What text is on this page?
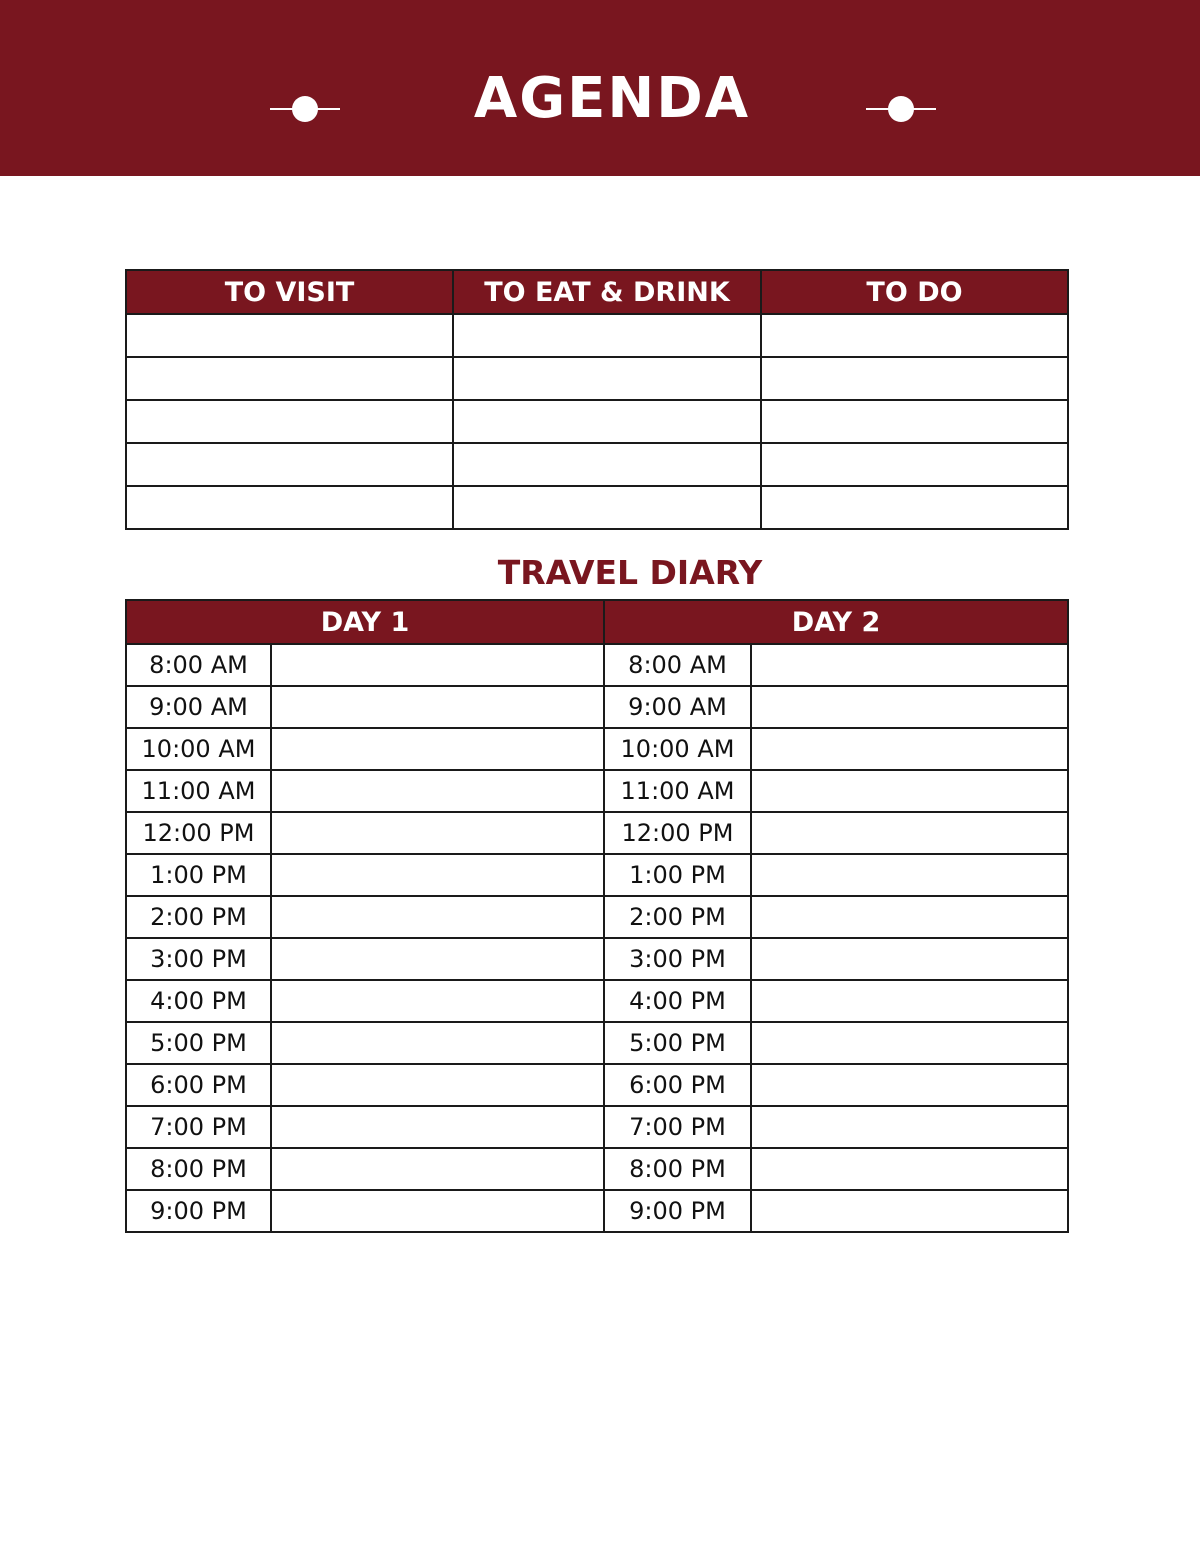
AGENDA
TO VISIT	TO EAT & DRINK	TO DO

TRAVEL DIARY
DAY 1		DAY 2	
8:00 AM		8:00 AM	
9:00 AM		9:00 AM	
10:00 AM		10:00 AM	
11:00 AM		11:00 AM	
12:00 PM		12:00 PM	
1:00 PM		1:00 PM	
2:00 PM		2:00 PM	
3:00 PM		3:00 PM	
4:00 PM		4:00 PM	
5:00 PM		5:00 PM	
6:00 PM		6:00 PM	
7:00 PM		7:00 PM	
8:00 PM		8:00 PM	
9:00 PM		9:00 PM	
